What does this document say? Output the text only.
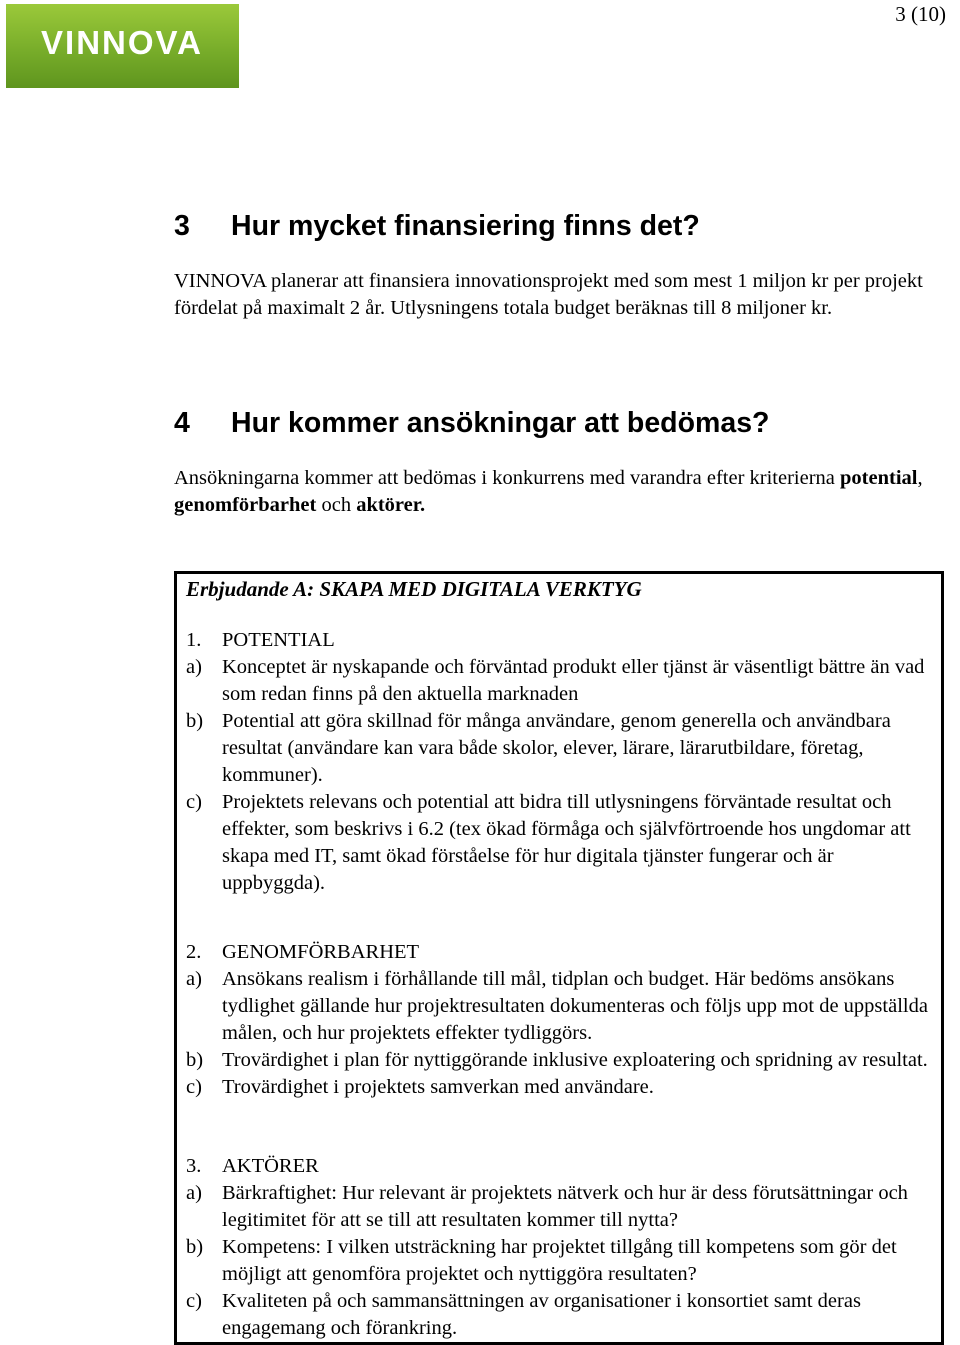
VINNOVA
3 (10)
3 Hur mycket finansiering finns det?

VINNOVA planerar att finansiera innovationsprojekt med som mest 1 miljon kr per projekt fördelat på maximalt 2 år. Utlysningens totala budget beräknas till 8 miljoner kr.

4 Hur kommer ansökningar att bedömas?

Ansökningarna kommer att bedömas i konkurrens med varandra efter kriterierna potential, genomförbarhet och aktörer.

Erbjudande A: SKAPA MED DIGITALA VERKTYG

1. POTENTIAL

a) Konceptet är nyskapande och förväntad produkt eller tjänst är väsentligt bättre än vad som redan finns på den aktuella marknaden

b) Potential att göra skillnad för många användare, genom generella och användbara resultat (användare kan vara både skolor, elever, lärare, lärarutbildare, företag, kommuner).

c) Projektets relevans och potential att bidra till utlysningens förväntade resultat och effekter, som beskrivs i 6.2 (tex ökad förmåga och självförtroende hos ungdomar att skapa med IT, samt ökad förståelse för hur digitala tjänster fungerar och är uppbyggda).

2. GENOMFÖRBARHET

a) Ansökans realism i förhållande till mål, tidplan och budget. Här bedöms ansökans tydlighet gällande hur projektresultaten dokumenteras och följs upp mot de uppställda målen, och hur projektets effekter tydliggörs.

b) Trovärdighet i plan för nyttiggörande inklusive exploatering och spridning av resultat.

c) Trovärdighet i projektets samverkan med användare.

3. AKTÖRER

a) Bärkraftighet: Hur relevant är projektets nätverk och hur är dess förutsättningar och legitimitet för att se till att resultaten kommer till nytta?

b) Kompetens: I vilken utsträckning har projektet tillgång till kompetens som gör det möjligt att genomföra projektet och nyttiggöra resultaten?

c) Kvaliteten på och sammansättningen av organisationer i konsortiet samt deras engagemang och förankring.
